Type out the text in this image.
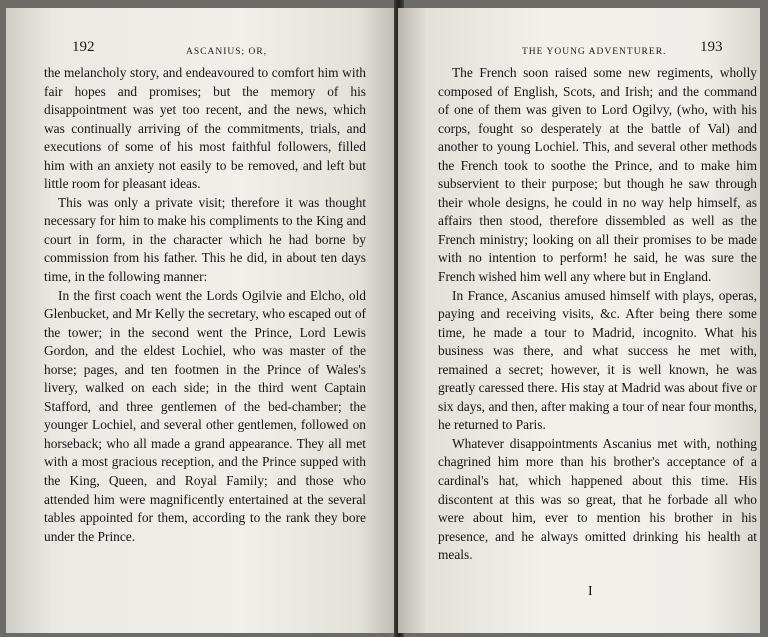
192	ASCANIUS; OR,

the melancholy story, and endeavoured to comfort him with fair hopes and promises; but the memory of his disappointment was yet too recent, and the news, which was continually arriving of the commitments, trials, and executions of some of his most faithful followers, filled him with an anxiety not easily to be removed, and left but little room for pleasant ideas.

This was only a private visit; therefore it was thought necessary for him to make his compliments to the King and court in form, in the character which he had borne by commission from his father. This he did, in about ten days time, in the following manner:

In the first coach went the Lords Ogilvie and Elcho, old Glenbucket, and Mr Kelly the secretary, who escaped out of the tower; in the second went the Prince, Lord Lewis Gordon, and the eldest Lochiel, who was master of the horse; pages, and ten footmen in the Prince of Wales's livery, walked on each side; in the third went Captain Stafford, and three gentlemen of the bed-chamber; the younger Lochiel, and several other gentlemen, followed on horseback; who all made a grand appearance. They all met with a most gracious reception, and the Prince supped with the King, Queen, and Royal Family; and those who attended him were magnificently entertained at the several tables appointed for them, according to the rank they bore under the Prince.

THE YOUNG ADVENTURER. 193

The French soon raised some new regiments, wholly composed of English, Scots, and Irish; and the command of one of them was given to Lord Ogilvy, (who, with his corps, fought so desperately at the battle of Val) and another to young Lochiel. This, and several other methods the French took to soothe the Prince, and to make him subservient to their purpose; but though he saw through their whole designs, he could in no way help himself, as affairs then stood, therefore dissembled as well as the French ministry; looking on all their promises to be made with no intention to perform! he said, he was sure the French wished him well any where but in England.

In France, Ascanius amused himself with plays, operas, paying and receiving visits, &c. After being there some time, he made a tour to Madrid, incognito. What his business was there, and what success he met with, remained a secret; however, it is well known, he was greatly caressed there. His stay at Madrid was about five or six days, and then, after making a tour of near four months, he returned to Paris.

Whatever disappointments Ascanius met with, nothing chagrined him more than his brother's acceptance of a cardinal's hat, which happened about this time. His discontent at this was so great, that he forbade all who were about him, ever to mention his brother in his presence, and he always omitted drinking his health at meals.

I
